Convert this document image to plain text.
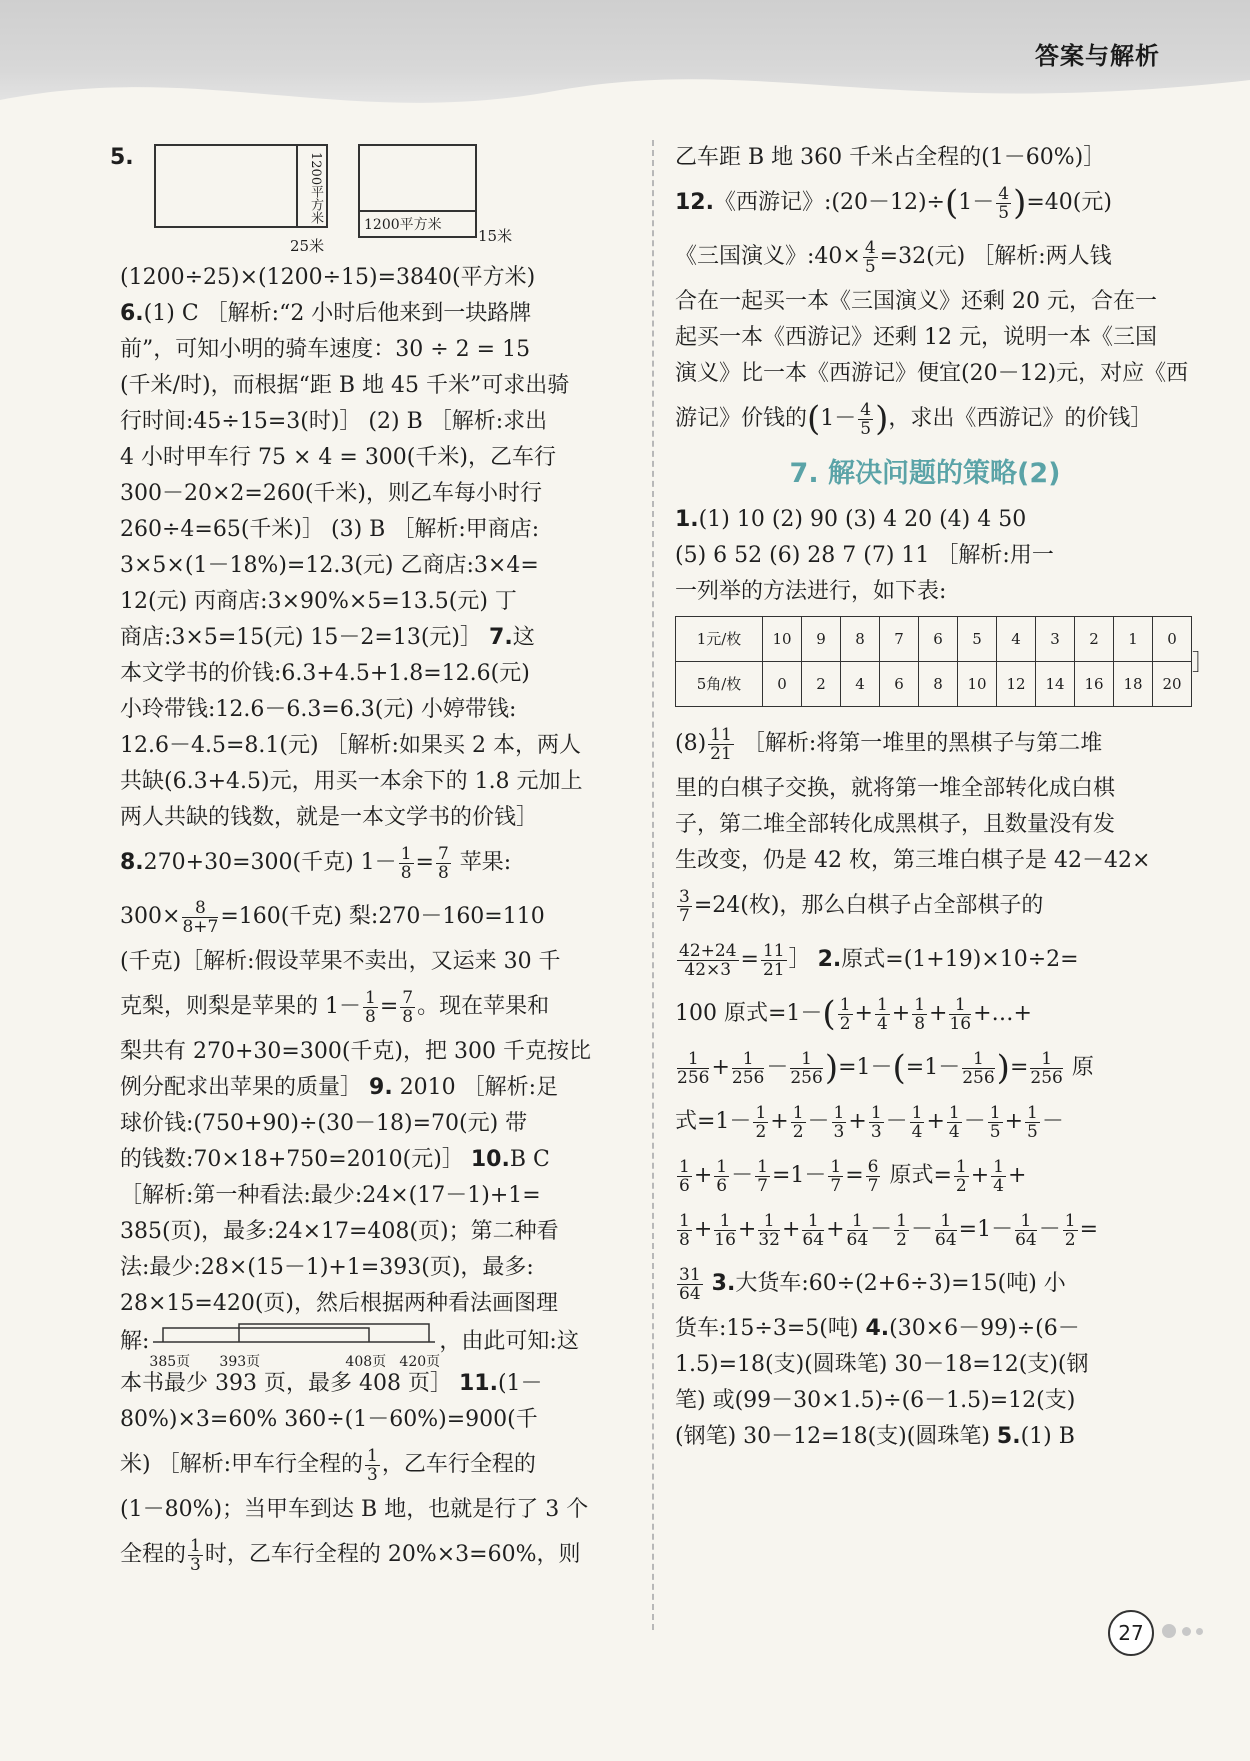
答案与解析
5.	1200平方米
25米
1200平方米
15米
(1200÷25)×(1200÷15)=3840(平方米)
6.(1) C ［解析:“2 小时后他来到一块路牌
前”，可知小明的骑车速度：30 ÷ 2 = 15
(千米/时)，而根据“距 B 地 45 千米”可求出骑
行时间:45÷15=3(时)］ (2) B ［解析:求出
4 小时甲车行 75 × 4 = 300(千米)，乙车行
300－20×2=260(千米)，则乙车每小时行
260÷4=65(千米)］ (3) B ［解析:甲商店:
3×5×(1－18%)=12.3(元) 乙商店:3×4=
12(元) 丙商店:3×90%×5=13.5(元) 丁
商店:3×5=15(元) 15－2=13(元)］ 7.这
本文学书的价钱:6.3+4.5+1.8=12.6(元)
小玲带钱:12.6－6.3=6.3(元) 小婷带钱:
12.6－4.5=8.1(元) ［解析:如果买 2 本，两人
共缺(6.3+4.5)元，用买一本余下的 1.8 元加上
两人共缺的钱数，就是一本文学书的价钱］
8.270+30=300(千克) $1- \frac{1}{8} = \frac{7}{8}$ 苹果:
$300\times \frac{8}{8+7} =160$(千克) 梨:270－160=110
(千克)［解析:假设苹果不卖出，又运来 30 千
克梨，则梨是苹果的 $1- \frac{1}{8} = \frac{7}{8}$ 。现在苹果和
梨共有 270+30=300(千克)，把 300 千克按比
例分配求出苹果的质量］ 9. 2010 ［解析:足
球价钱:(750+90)÷(30－18)=70(元) 带
的钱数:70×18+750=2010(元)］ 10.B C
［解析:第一种看法:最少:24×(17－1)+1=
385(页)，最多:24×17=408(页)；第二种看
法:最少:28×(15－1)+1=393(页)，最多:
28×15=420(页)，然后根据两种看法画图理
解:
385页 393页	408页 420页
，由此可知:这
本书最少 393 页，最多 408 页］ 11.(1－
80%)×3=60% 360÷(1－60%)=900(千
米) ［解析:甲车行全程的 $\frac{1}{3}$ ，乙车行全程的
(1－80%)；当甲车到达 B 地，也就是行了 3 个
全程的 $\frac{1}{3}$ 时，乙车行全程的 20%×3=60%，则
乙车距 B 地 360 千米占全程的(1－60%)］
12.《西游记》:(20－12)÷(1－ $\frac{4}{5} )=40$(元)
《三国演义》:40× $\frac{4}{5} =32$(元) ［解析:两人钱
合在一起买一本《三国演义》还剩 20 元，合在一
起买一本《西游记》还剩 12 元，说明一本《三国
演义》比一本《西游记》便宜(20－12)元，对应《西
游记》价钱的($1- \frac{4}{5}$ )，求出《西游记》的价钱］
7. 解决问题的策略(2)
1.(1) 10 (2) 90 (3) 4 20 (4) 4 50
(5) 6 52 (6) 28 7 (7) 11 ［解析:用一
一列举的方法进行，如下表:
1元/枚	10	9	8	7	6	5	4	3	2	1	0
5角/枚	0	2	4	6	8	10	12	14	16	18	20
］
$(8) \frac{11}{21}$ ［解析:将第一堆里的黑棋子与第二堆
里的白棋子交换，就将第一堆全部转化成白棋
子，第二堆全部转化成黑棋子，且数量没有发
生改变，仍是 42 枚，第三堆白棋子是 42－42×
$\frac{3}{7} =24$(枚)，那么白棋子占全部棋子的
$\frac{42+24}{42\times 3} = \frac{11}{21}$ ］ 2.原式=(1+19)×10÷2=
100 原式$=1-( \frac{1}{2} + \frac{1}{4} + \frac{1}{8} + \frac{1}{16}$ +…+
$\frac{1}{256} + \frac{1}{256} - \frac{1}{256} )=1-(=1- \frac{1}{256}$ )= $\frac{1}{256}$ 原
式$=1- \frac{1}{2} + \frac{1}{2} - \frac{1}{3} + \frac{1}{3} - \frac{1}{4} + \frac{1}{4} - \frac{1}{5} + \frac{1}{5}$ －
$\frac{1}{6} + \frac{1}{6} - \frac{1}{7} =1- \frac{1}{7} = \frac{6}{7}$ 原式= $\frac{1}{2} + \frac{1}{4}$ +
$\frac{1}{8} + \frac{1}{16} + \frac{1}{32} + \frac{1}{64} + \frac{1}{64} - \frac{1}{2} - \frac{1}{64} =1- \frac{1}{64} - \frac{1}{2}$ =
$\frac{31}{64} 3$.大货车:60÷(2+6÷3)=15(吨) 小
货车:15÷3=5(吨) 4.(30×6－99)÷(6－
1.5)=18(支)(圆珠笔) 30－18=12(支)(钢
笔) 或(99－30×1.5)÷(6－1.5)=12(支)
(钢笔) 30－12=18(支)(圆珠笔) 5.(1) B
27
